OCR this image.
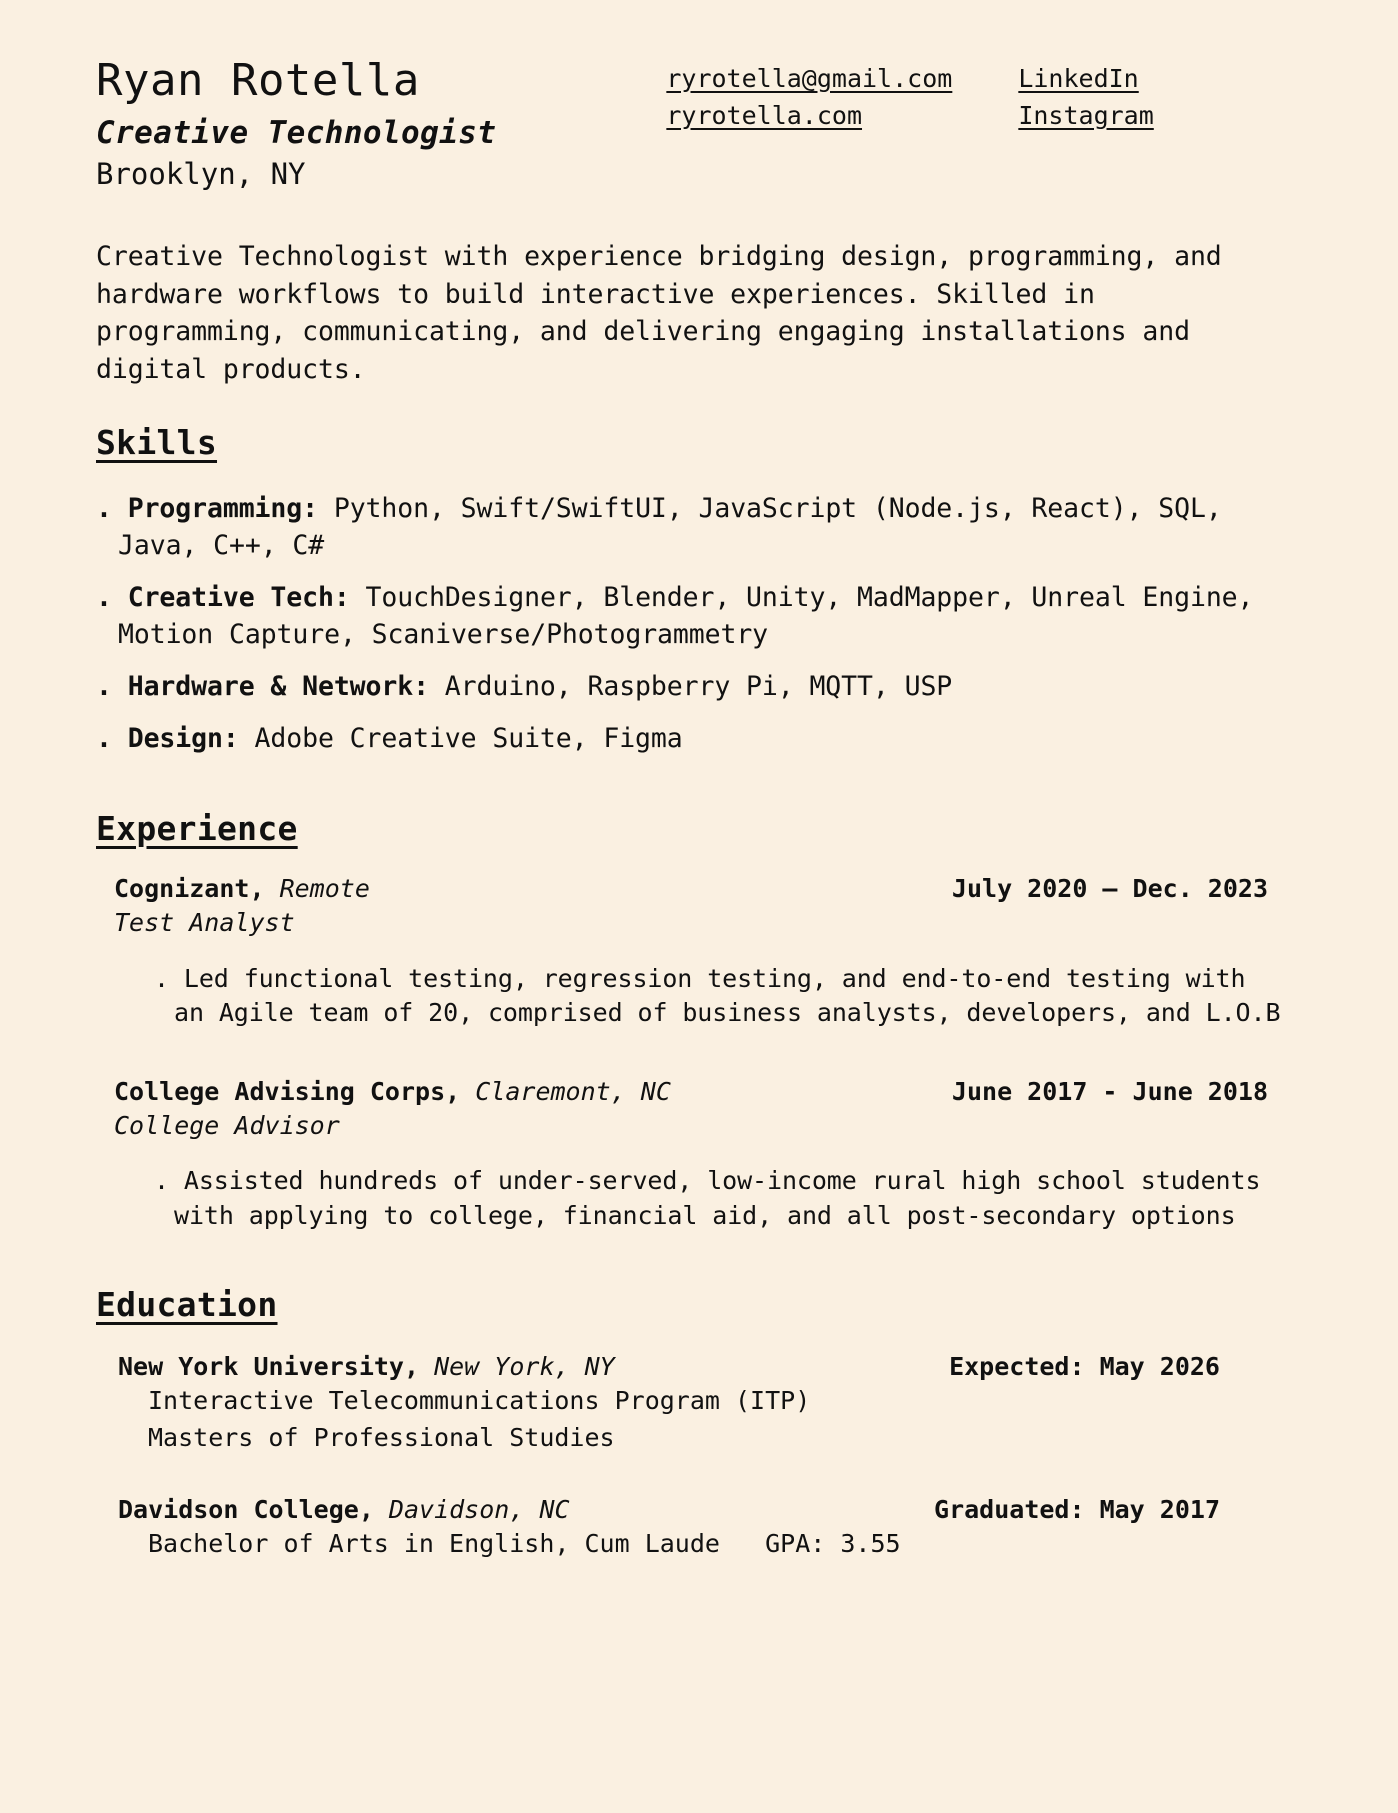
Ryan Rotella
Creative Technologist
Brooklyn, NY
ryrotella@gmail.com
ryrotella.com
LinkedIn
Instagram
Creative Technologist with experience bridging design, programming, and hardware workflows to build interactive experiences. Skilled in programming, communicating, and delivering engaging installations and digital products.
Skills
. Programming: Python, Swift/SwiftUI, JavaScript (Node.js, React), SQL, Java, C++, C#
. Creative Tech: TouchDesigner, Blender, Unity, MadMapper, Unreal Engine, Motion Capture, Scaniverse/Photogrammetry
. Hardware & Network: Arduino, Raspberry Pi, MQTT, USP
. Design: Adobe Creative Suite, Figma
Experience
Cognizant, Remote	July 2020 – Dec. 2023
Test Analyst
. Led functional testing, regression testing, and end-to-end testing with an Agile team of 20, comprised of business analysts, developers, and L.O.B
College Advising Corps, Claremont, NC	June 2017 - June 2018
College Advisor
. Assisted hundreds of under-served, low-income rural high school students with applying to college, financial aid, and all post-secondary options
Education
New York University, New York, NY	Expected: May 2026
Interactive Telecommunications Program (ITP)
Masters of Professional Studies
Davidson College, Davidson, NC	Graduated: May 2017
Bachelor of Arts in English, Cum Laude   GPA: 3.55
